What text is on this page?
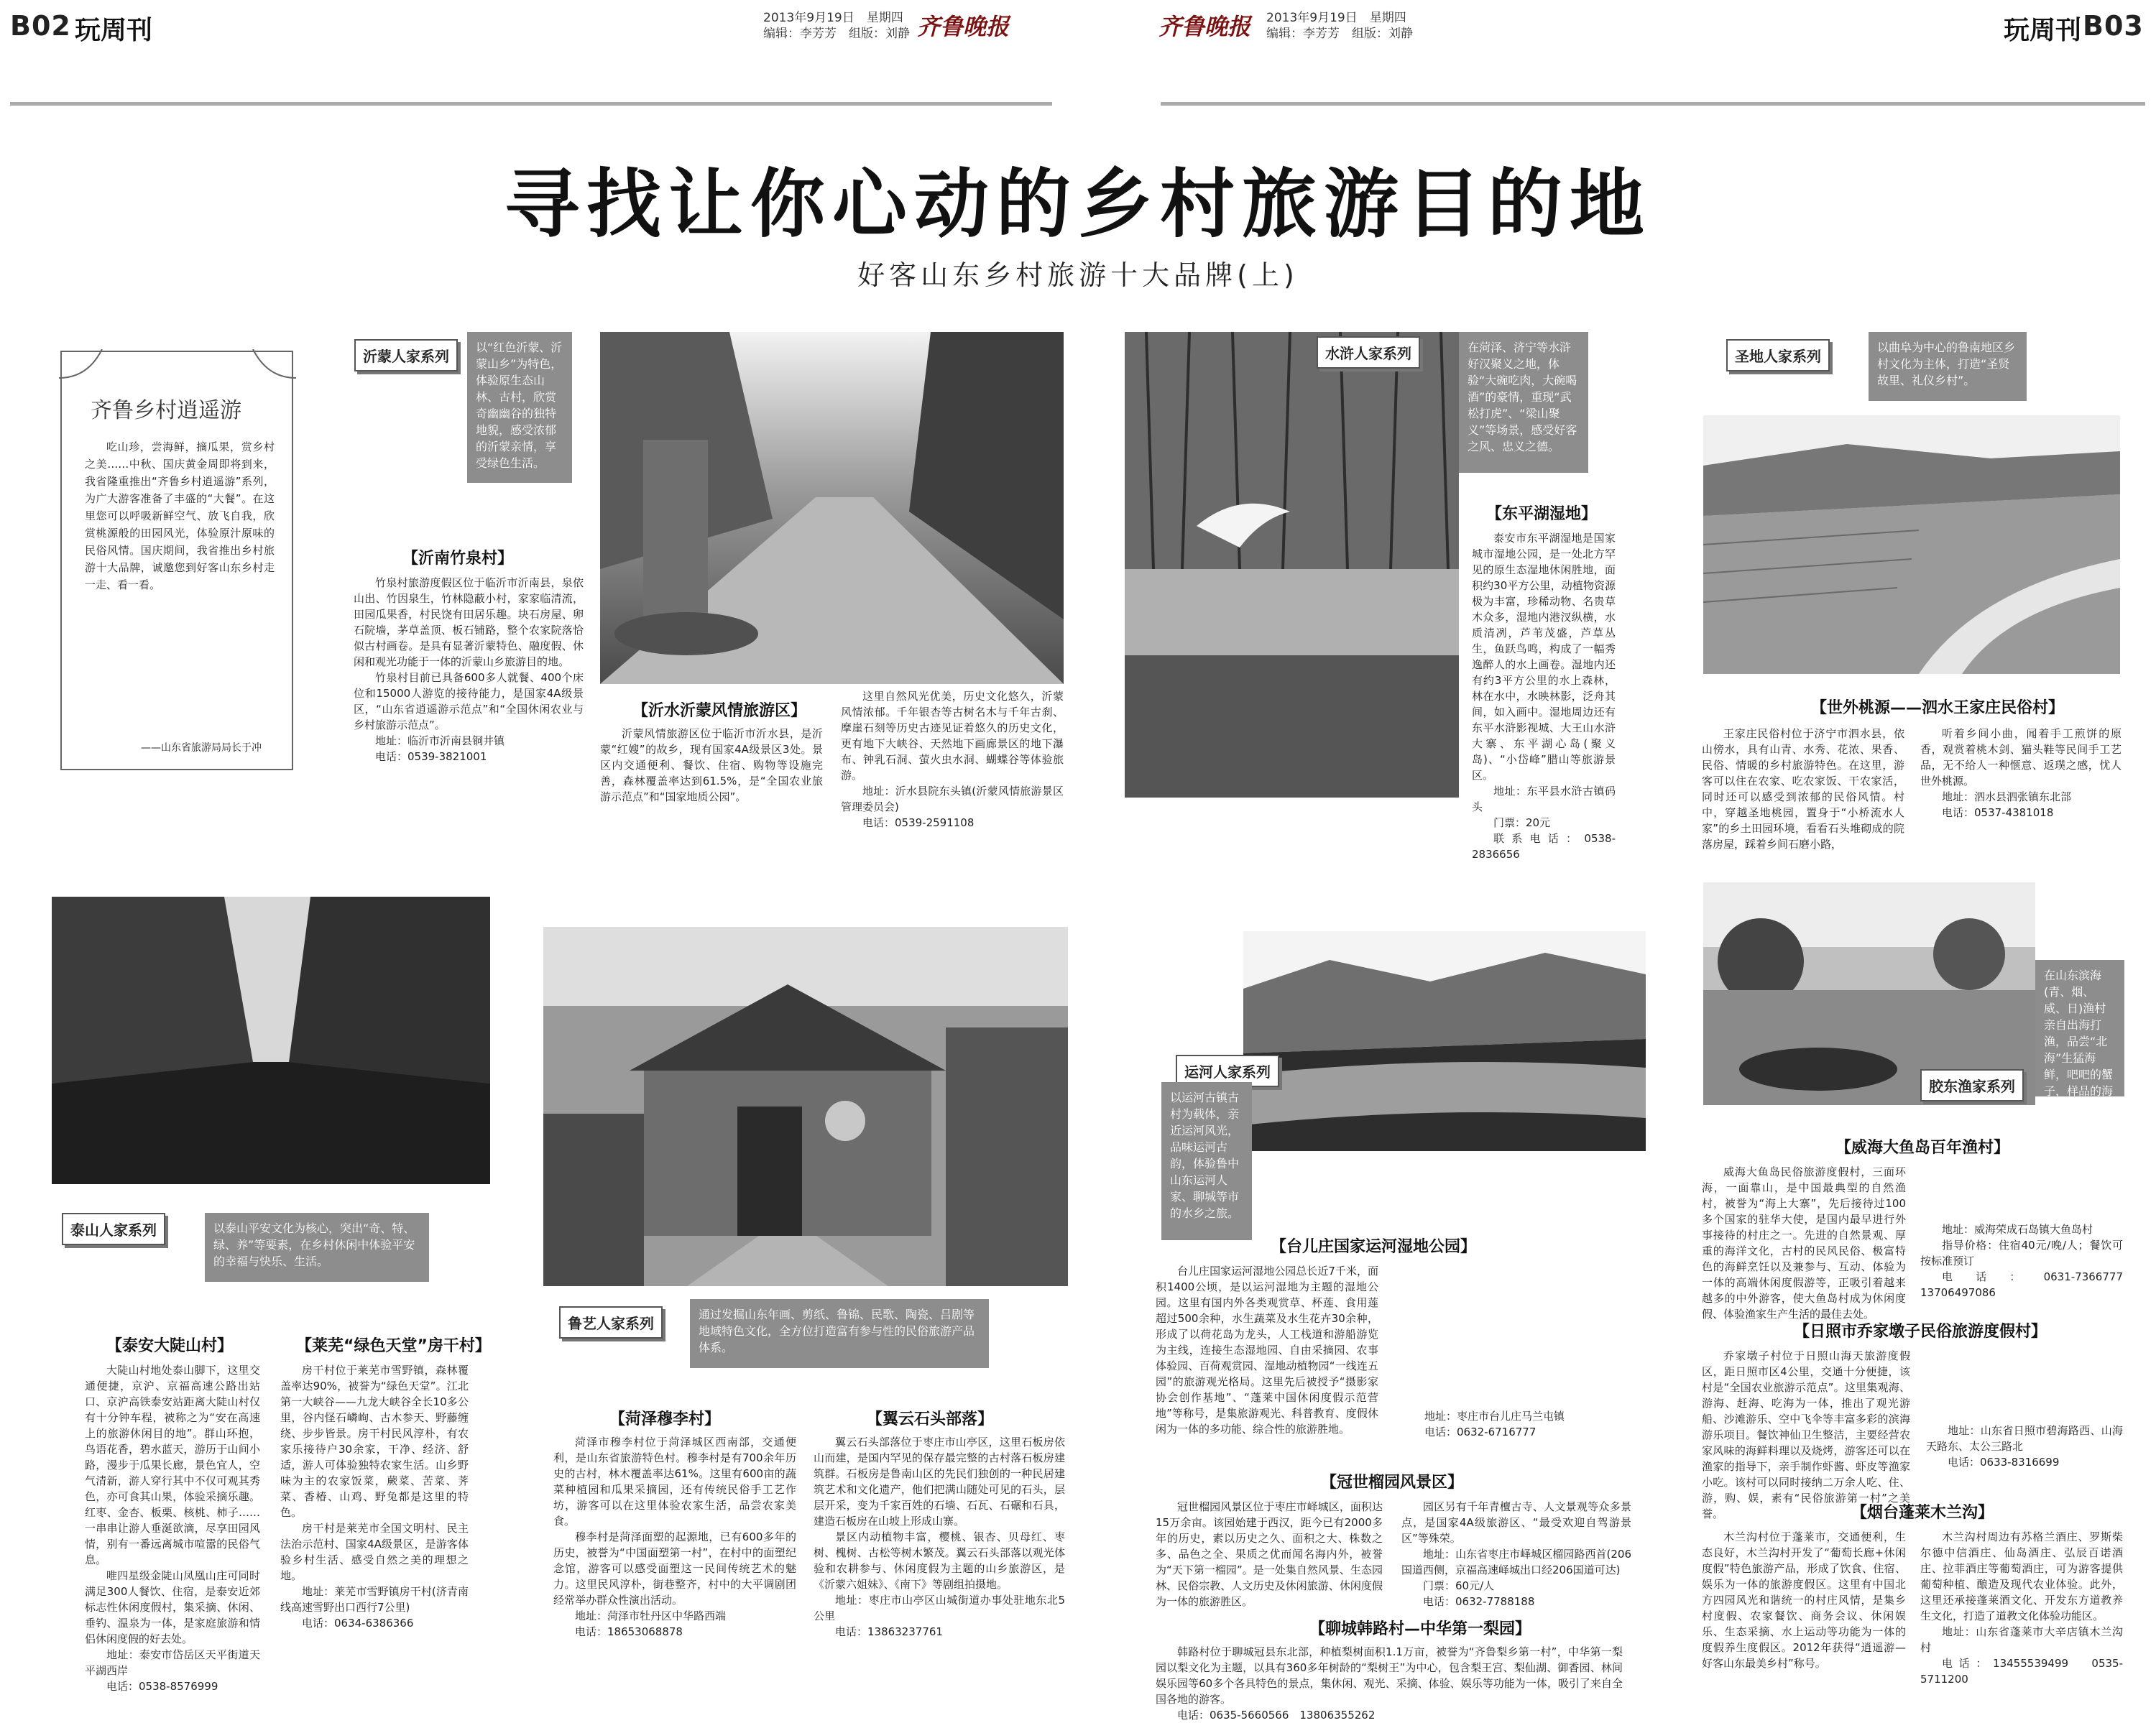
B02 玩周刊	2013年9月19日　星期四
编辑：李芳芳　组版：刘静 齐鲁晚报	齐鲁晚报 2013年9月19日　星期四
编辑：李芳芳　组版：刘静	玩周刊 B03
寻找让你心动的乡村旅游目的地
好客山东乡村旅游十大品牌(上)
齐鲁乡村逍遥游
吃山珍，尝海鲜，摘瓜果，赏乡村之美……中秋、国庆黄金周即将到来，我省隆重推出“齐鲁乡村逍遥游”系列，为广大游客准备了丰盛的“大餐”。在这里您可以呼吸新鲜空气、放飞自我，欣赏桃源般的田园风光，体验原汁原味的民俗风情。国庆期间，我省推出乡村旅游十大品牌，诚邀您到好客山东乡村走一走、看一看。
——山东省旅游局局长于冲
沂蒙人家系列
以“红色沂蒙、沂蒙山乡”为特色，体验原生态山林、古村，欣赏奇幽幽谷的独特地貌，感受浓郁的沂蒙亲情，享受绿色生活。
【沂南竹泉村】

竹泉村旅游度假区位于临沂市沂南县，泉依山出、竹因泉生，竹林隐蔽小村，家家临清流，田园瓜果香，村民饶有田居乐趣。块石房屋、卵石院墙，茅草盖顶、板石铺路，整个农家院落恰似古村画卷。是具有显著沂蒙特色、融度假、休闲和观光功能于一体的沂蒙山乡旅游目的地。

竹泉村目前已具备600多人就餐、400个床位和15000人游览的接待能力，是国家4A级景区，“山东省逍遥游示范点”和“全国休闲农业与乡村旅游示范点”。

地址：临沂市沂南县铜井镇
电话：0539-3821001
【沂水沂蒙风情旅游区】

沂蒙风情旅游区位于临沂市沂水县，是沂蒙“红嫂”的故乡，现有国家4A级景区3处。景区内交通便利、餐饮、住宿、购物等设施完善，森林覆盖率达到61.5%，是“全国农业旅游示范点”和“国家地质公园”。

这里自然风光优美，历史文化悠久，沂蒙风情浓郁。千年银杏等古树名木与千年古刹、摩崖石刻等历史古迹见证着悠久的历史文化，更有地下大峡谷、天然地下画廊景区的地下瀑布、钟乳石洞、萤火虫水洞、蝴蝶谷等体验旅游。

地址：沂水县院东头镇(沂蒙风情旅游景区管理委员会)
电话：0539-2591108
水浒人家系列	在菏泽、济宁等水浒好汉聚义之地，体验“大碗吃肉，大碗喝酒”的豪情，重现“武松打虎”、“梁山聚义”等场景，感受好客之风、忠义之德。
【东平湖湿地】

泰安市东平湖湿地是国家城市湿地公园，是一处北方罕见的原生态湿地休闲胜地，面积约30平方公里，动植物资源极为丰富，珍稀动物、名贵草木众多，湿地内港汊纵横，水质清冽，芦苇茂盛，芦草丛生，鱼跃鸟鸣，构成了一幅秀逸醉人的水上画卷。湿地内还有约3平方公里的水上森林，林在水中，水映林影，泛舟其间，如入画中。湿地周边还有东平水浒影视城、大王山水浒大寨、东平湖心岛(聚义岛)、“小岱峰”腊山等旅游景区。

地址：东平县水浒古镇码头
门票：20元
联系电话：0538-2836656
圣地人家系列
以曲阜为中心的鲁南地区乡村文化为主体，打造“圣贤故里、礼仪乡村”。
【世外桃源——泗水王家庄民俗村】

王家庄民俗村位于济宁市泗水县，依山傍水，具有山青、水秀、花浓、果香、民俗、情暖的乡村旅游特色。在这里，游客可以住在农家、吃农家饭、干农家活，同时还可以感受到浓郁的民俗风情。村中，穿越圣地桃园，置身于“小桥流水人家”的乡土田园环境，看看石头堆砌成的院落房屋，踩着乡间石磨小路，

听着乡间小曲，闻着手工煎饼的原香，观赏着桃木剑、猫头鞋等民间手工艺品，无不给人一种惬意、返璞之感，忧人世外桃源。

地址：泗水县泗张镇东北部
电话：0537-4381018
泰山人家系列	以泰山平安文化为核心，突出“奇、特、绿、养”等要素，在乡村休闲中体验平安的幸福与快乐、生活。
【泰安大陡山村】

大陡山村地处泰山脚下，这里交通便捷，京沪、京福高速公路出站口、京沪高铁泰安站距离大陡山村仅有十分钟车程，被称之为“安在高速上的旅游休闲目的地”。群山环抱，鸟语花香，碧水蓝天，游历于山间小路，漫步于瓜果长廊，景色宜人，空气清新，游人穿行其中不仅可观其秀色，亦可食其山果，体验采摘乐趣。红枣、金杏、板栗、核桃、柿子……一串串让游人垂涎欲滴，尽享田园风情，别有一番远离城市喧嚣的民俗气息。

唯四星级金陡山凤凰山庄可同时满足300人餐饮、住宿，是泰安近郊标志性休闲度假村，集采摘、休闲、垂钓、温泉为一体，是家庭旅游和情侣休闲度假的好去处。

地址：泰安市岱岳区天平街道天平湖西岸
电话：0538-8576999
【莱芜“绿色天堂”房干村】

房干村位于莱芜市雪野镇，森林覆盖率达90%，被誉为“绿色天堂”。江北第一大峡谷——九龙大峡谷全长10多公里，谷内怪石嶙峋、古木参天、野藤缠绕、步步皆景。房干村民风淳朴，有农家乐接待户30余家，干净、经济、舒适，游人可体验独特农家生活。山乡野味为主的农家饭菜，蕨菜、苦菜、荠菜、香椿、山鸡、野兔都是这里的特色。

房干村是莱芜市全国文明村、民主法治示范村、国家4A级景区，是游客体验乡村生活、感受自然之美的理想之地。

地址：莱芜市雪野镇房干村(济青南线高速雪野出口西行7公里)
电话：0634-6386366
鲁艺人家系列
通过发掘山东年画、剪纸、鲁锦、民歌、陶瓷、吕剧等地域特色文化，全方位打造富有参与性的民俗旅游产品体系。
【菏泽穆李村】

菏泽市穆李村位于菏泽城区西南部，交通便利，是山东省旅游特色村。穆李村是有700余年历史的古村，林木覆盖率达61%。这里有600亩的蔬菜种植园和瓜果采摘园，还有传统民俗手工艺作坊，游客可以在这里体验农家生活，品尝农家美食。

穆李村是菏泽面塑的起源地，已有600多年的历史，被誉为“中国面塑第一村”，在村中的面塑纪念馆，游客可以感受面塑这一民间传统艺术的魅力。这里民风淳朴，街巷整齐，村中的大平调剧团经常举办群众性演出活动。

地址：菏泽市牡丹区中华路西端
电话：18653068878
【翼云石头部落】

翼云石头部落位于枣庄市山亭区，这里石板房依山而建，是国内罕见的保存最完整的古村落石板房建筑群。石板房是鲁南山区的先民们独创的一种民居建筑艺术和文化遗产，他们把满山随处可见的石头，层层开采，变为千家百姓的石墙、石瓦、石碾和石具，建造石板房在山坡上形成山寨。

景区内动植物丰富，樱桃、银杏、贝母红、枣树、槐树、古松等树木繁茂。翼云石头部落以观光体验和农耕参与、休闲度假为主题的山乡旅游区，是《沂蒙六姐妹》、《南下》等剧组拍摄地。

地址：枣庄市山亭区山城街道办事处驻地东北5公里
电话：13863237761
运河人家系列
以运河古镇古村为载体，亲近运河风光，品味运河古韵，体验鲁中山东运河人家、聊城等市的水乡之旅。
【台儿庄国家运河湿地公园】

台儿庄国家运河湿地公园总长近7千米，面积1400公顷，是以运河湿地为主题的湿地公园。这里有国内外各类观赏草、杯莲、食用莲超过500余种，水生蔬菜及水生花卉30余种，形成了以荷花岛为龙头，人工栈道和游船游览为主线，连接生态湿地园、自由采摘园、农事体验园、百荷观赏园、湿地动植物园“一线连五园”的旅游观光格局。这里先后被授予“摄影家协会创作基地”、“蓬莱中国休闲度假示范营地”等称号，是集旅游观光、科普教育、度假休闲为一体的多功能、综合性的旅游胜地。

地址：枣庄市台儿庄马兰屯镇
电话：0632-6716777
【冠世榴园风景区】

冠世榴园风景区位于枣庄市峄城区，面积达15万余亩。该园始建于西汉，距今已有2000多年的历史，素以历史之久、面积之大、株数之多、品色之全、果质之优而闻名海内外，被誉为“天下第一榴园”。是一处集自然风景、生态园林、民俗宗教、人文历史及休闲旅游、休闲度假为一体的旅游胜区。

园区另有千年青檀古寺、人文景观等众多景点，是国家4A级旅游区、“最受欢迎自驾游景区”等殊荣。

地址：山东省枣庄市峄城区榴园路西首(206国道西侧，京福高速峄城出口经206国道可达)
门票：60元/人
电话：0632-7788188
【聊城韩路村—中华第一梨园】

韩路村位于聊城冠县东北部，种植梨树面积1.1万亩，被誉为“齐鲁梨乡第一村”，中华第一梨园以梨文化为主题，以具有360多年树龄的“梨树王”为中心，包含梨王宫、梨仙湖、御香园、林间娱乐园等60多个各具特色的景点，集休闲、观光、采摘、体验、娱乐等功能为一体，吸引了来自全国各地的游客。

电话：0635-5660566　13806355262
在山东滨海(青、烟、威、日)渔村亲自出海打渔，品尝“北海”生猛海鲜，吧吧的蟹子，样品的海鱼，定让你流连忘返。
胶东渔家系列
【威海大鱼岛百年渔村】

威海大鱼岛民俗旅游度假村，三面环海，一面靠山，是中国最典型的自然渔村，被誉为“海上大寨”，先后接待过100多个国家的驻华大使，是国内最早进行外事接待的村庄之一。先进的自然景观、厚重的海洋文化，古村的民风民俗、极富特色的海鲜烹饪以及兼参与、互动、体验为一体的高端休闲度假游等，正吸引着越来越多的中外游客，使大鱼岛村成为休闲度假、体验渔家生产生活的最佳去处。

地址：威海荣成石岛镇大鱼岛村
指导价格：住宿40元/晚/人；餐饮可按标准预订
电话：0631-7366777　13706497086
【日照市乔家墩子民俗旅游度假村】

乔家墩子村位于日照山海天旅游度假区，距日照市区4公里，交通十分便捷，该村是“全国农业旅游示范点”。这里集观海、游海、赶海、吃海为一体，推出了观光游船、沙滩游乐、空中飞伞等丰富多彩的滨海游乐项目。餐饮神仙卫生整洁，主要经营农家风味的海鲜料理以及烧烤，游客还可以在渔家的指导下，亲手制作虾酱、虾皮等渔家小吃。该村可以同时接纳二万余人吃、住、游，购、娱，素有“民俗旅游第一村”之美誉。

地址：山东省日照市碧海路西、山海天路东、太公三路北
电话：0633-8316699
【烟台蓬莱木兰沟】

木兰沟村位于蓬莱市，交通便利，生态良好，木兰沟村开发了“葡萄长廊+休闲度假”特色旅游产品，形成了饮食、住宿、娱乐为一体的旅游度假区。这里有中国北方四园风光和谐统一的村庄风情，是集乡村度假、农家餐饮、商务会议、休闲娱乐、生态采摘、水上运动等功能为一体的度假养生度假区。2012年获得“逍遥游—好客山东最美乡村”称号。

木兰沟村周边有苏格兰酒庄、罗斯柴尔德中信酒庄、仙岛酒庄、弘辰百诺酒庄、拉菲酒庄等葡萄酒庄，可为游客提供葡萄种植、酿造及现代农业体验。此外，这里还承接蓬莱酒文化、开发东方道教养生文化，打造了道教文化体验功能区。

地址：山东省蓬莱市大辛店镇木兰沟村
电话：13455539499　0535-5711200
